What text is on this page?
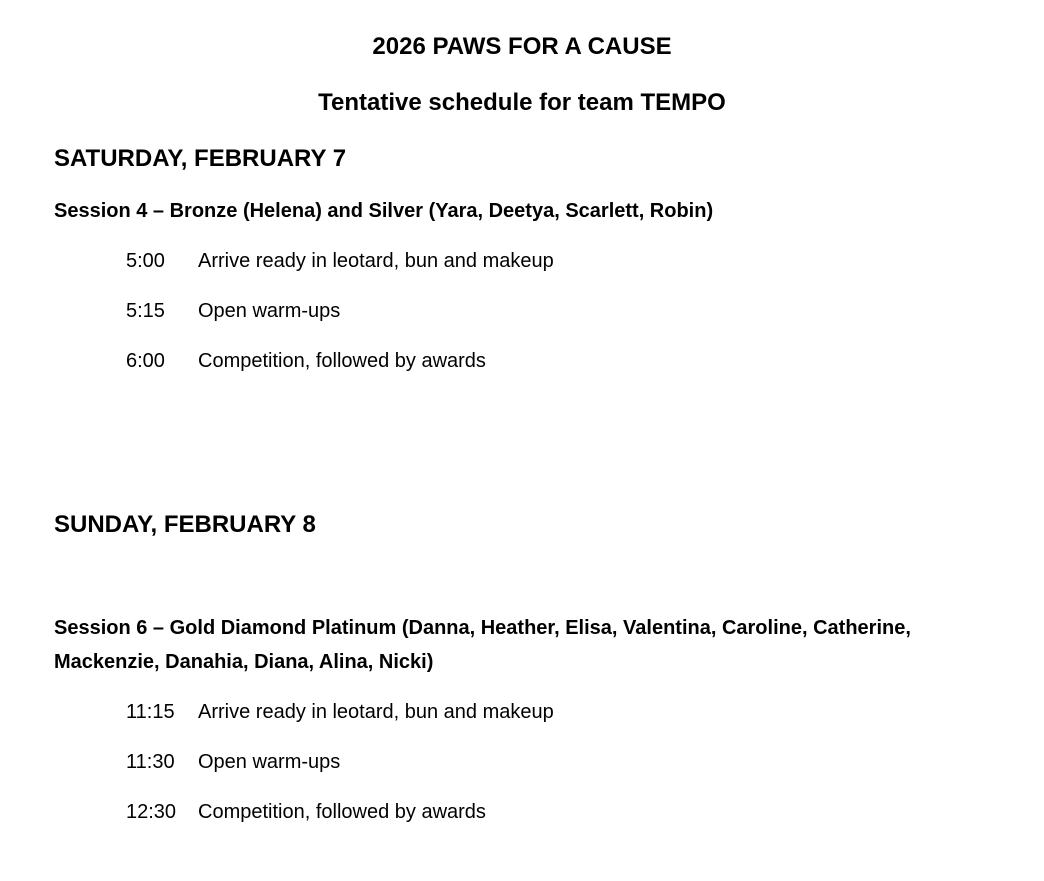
2026 PAWS FOR A CAUSE
Tentative schedule for team TEMPO
SATURDAY, FEBRUARY 7
Session 4 – Bronze (Helena) and Silver (Yara, Deetya, Scarlett, Robin)
5:00 Arrive ready in leotard, bun and makeup
5:15 Open warm-ups
6:00 Competition, followed by awards
SUNDAY, FEBRUARY 8
Session 6 – Gold Diamond Platinum (Danna, Heather, Elisa, Valentina, Caroline, Catherine, Mackenzie, Danahia, Diana, Alina, Nicki)
11:15 Arrive ready in leotard, bun and makeup
11:30 Open warm-ups
12:30 Competition, followed by awards
